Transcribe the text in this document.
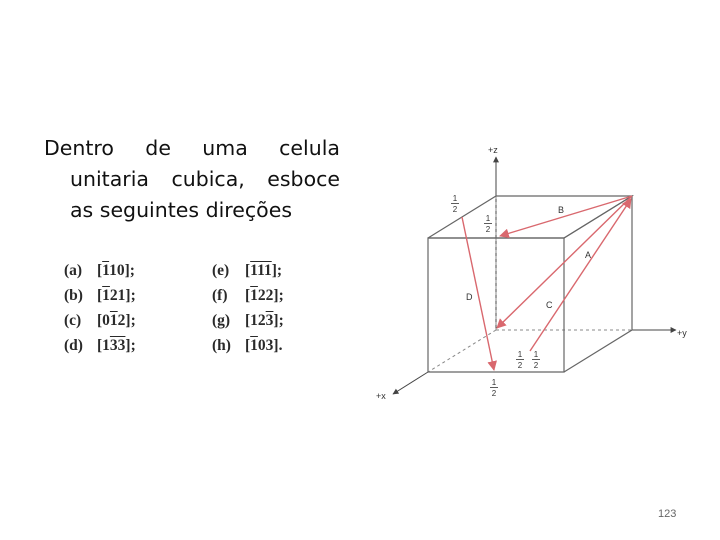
Dentro de uma celula
unitaria cubica, esboce
as seguintes direções
(a) [110];	(e) [111];
(b) [121];	(f) [122];
(c) [012];	(g) [123];
(d) [133];	(h) [103].
+z
+y
+x
B
A
C
D
1
2
1
2
1
2
1
2
1
2
123
